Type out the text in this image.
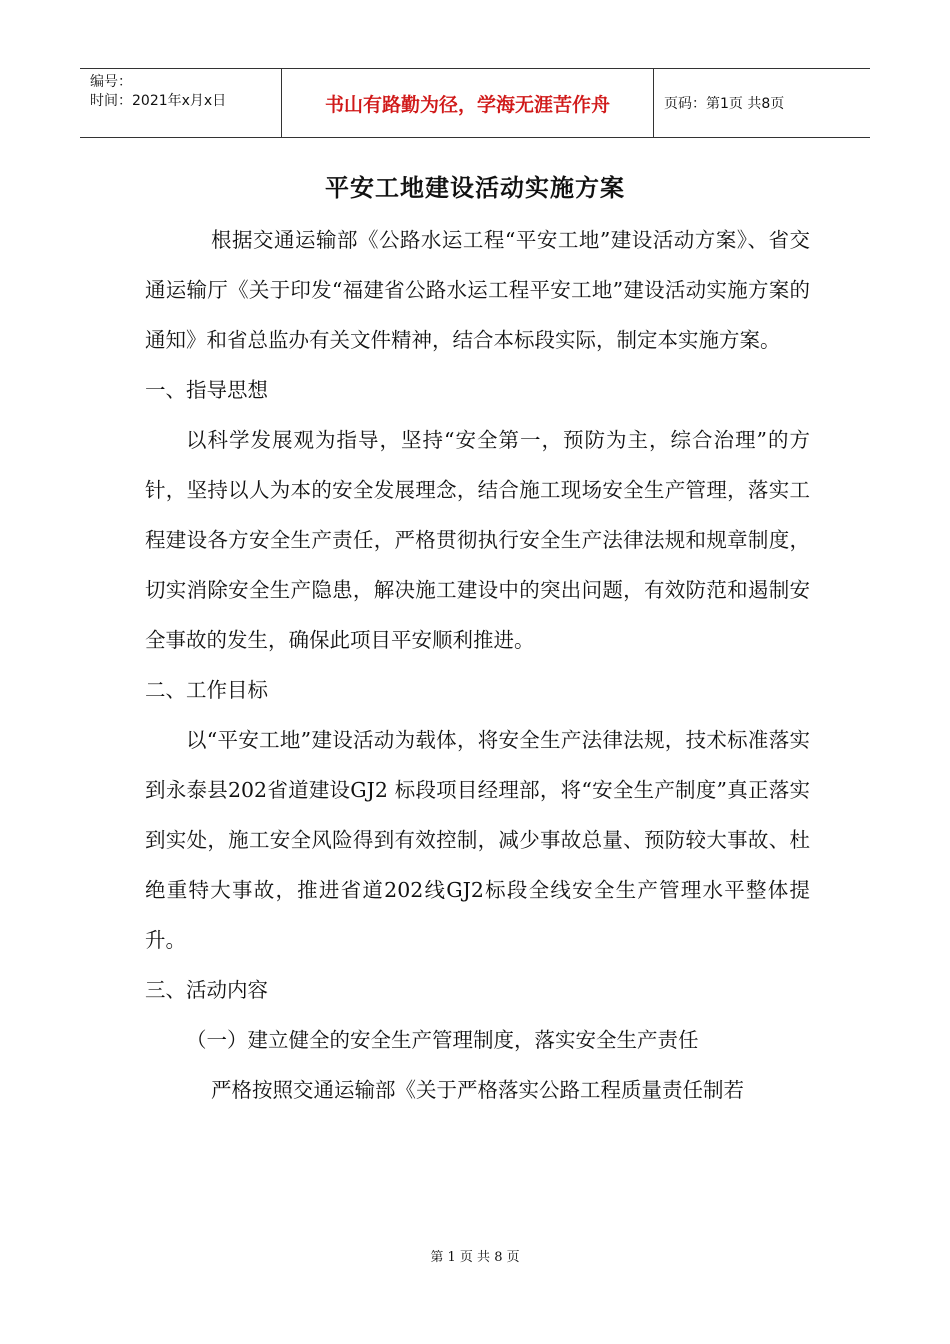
编号：
时间：2021年x月x日	书山有路勤为径，学海无涯苦作舟	页码：第1页 共8页
平安工地建设活动实施方案

根据交通运输部《公路水运工程“平安工地”建设活动方案》、省交通运输厅《关于印发“福建省公路水运工程平安工地”建设活动实施方案的通知》和省总监办有关文件精神，结合本标段实际，制定本实施方案。

一、指导思想

以科学发展观为指导，坚持“安全第一，预防为主，综合治理”的方针，坚持以人为本的安全发展理念，结合施工现场安全生产管理，落实工程建设各方安全生产责任，严格贯彻执行安全生产法律法规和规章制度，切实消除安全生产隐患，解决施工建设中的突出问题，有效防范和遏制安全事故的发生，确保此项目平安顺利推进。

二、工作目标

以“平安工地”建设活动为载体，将安全生产法律法规，技术标准落实到永泰县202省道建设GJ2 标段项目经理部，将“安全生产制度”真正落实到实处，施工安全风险得到有效控制，减少事故总量、预防较大事故、杜绝重特大事故，推进省道202线GJ2标段全线安全生产管理水平整体提升。

三、活动内容

（一）建立健全的安全生产管理制度，落实安全生产责任

严格按照交通运输部《关于严格落实公路工程质量责任制若

第 1 页 共 8 页
